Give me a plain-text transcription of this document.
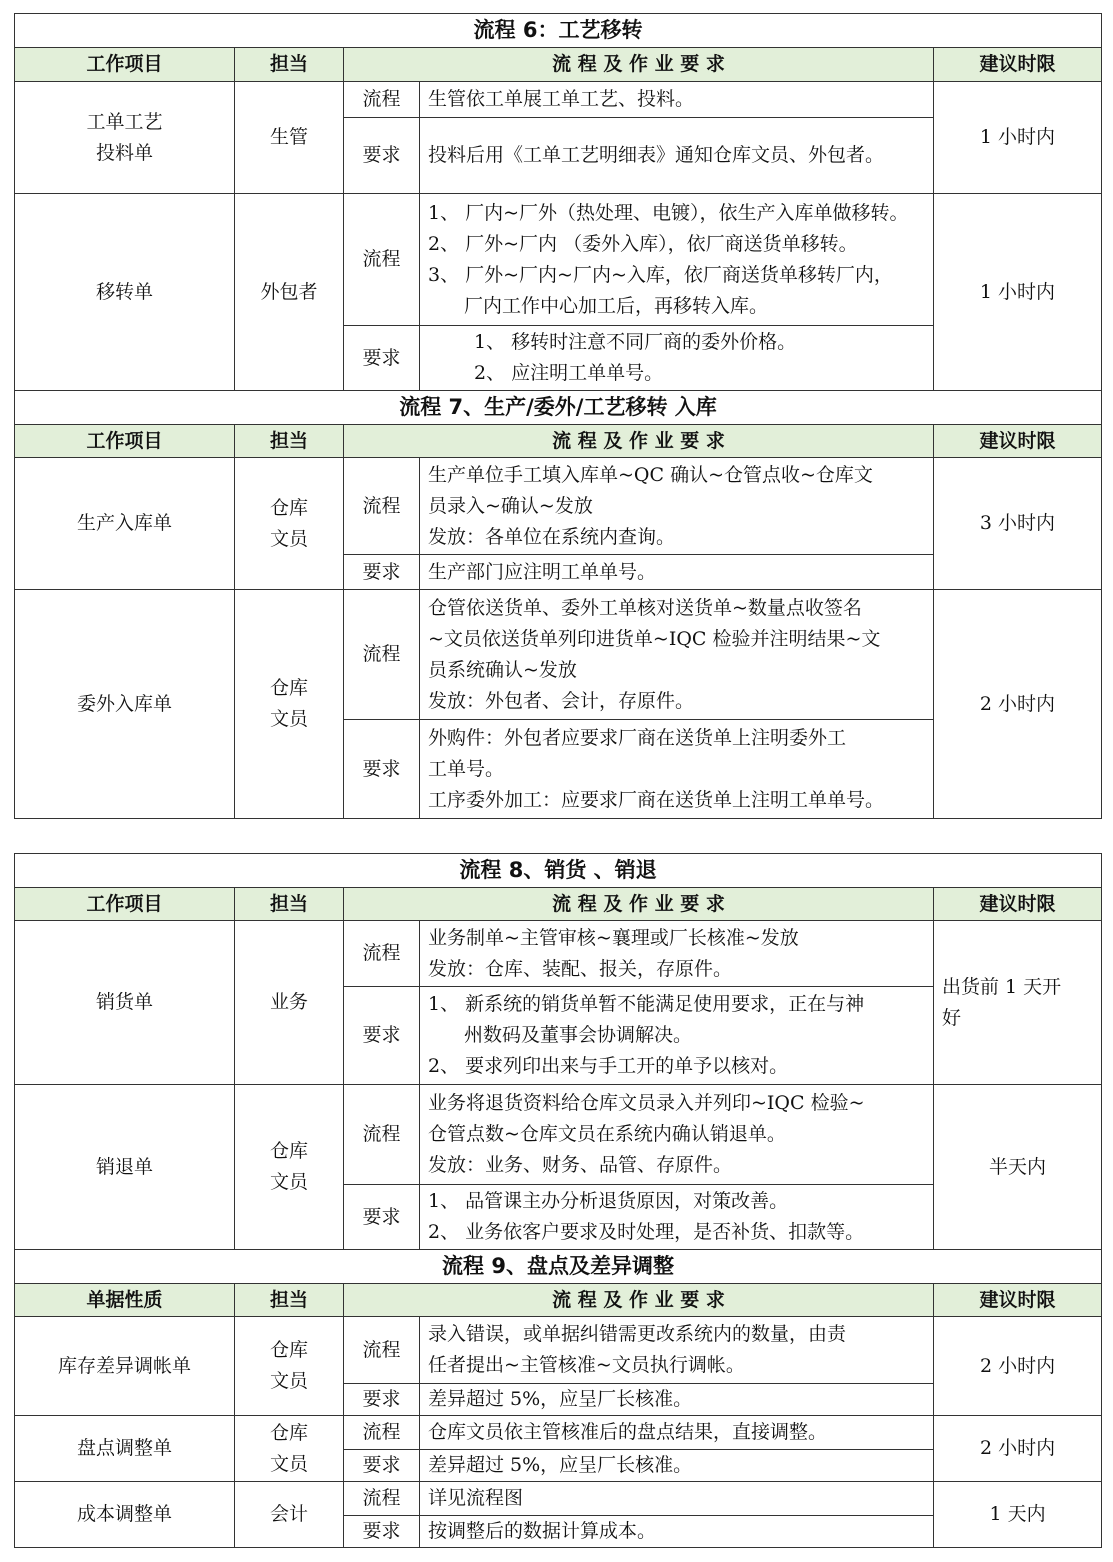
流程 6：工艺移转				
工作项目	担当	流 程 及 作 业 要 求		建议时限

工单工艺
投料单	生管	流程	生管依工单展工单工艺、投料。	1 小时内

		要求	投料后用《工单工艺明细表》通知仓库文员、外包者。	

移转单	外包者	流程	1、 厂内~厂外（热处理、电镀），依生产入库单做移转。
2、 厂外~厂内 （委外入库），依厂商送货单移转。
3、 厂外~厂内~厂内~入库，依厂商送货单移转厂内，
厂内工作中心加工后，再移转入库。	1 小时内

		要求	1、 移转时注意不同厂商的委外价格。
2、 应注明工单单号。	

流程 7、生产/委外/工艺移转 入库				
工作项目	担当	流 程 及 作 业 要 求		建议时限

生产入库单	仓库
文员	流程	生产单位手工填入库单~QC 确认~仓管点收~仓库文
员录入~确认~发放
发放：各单位在系统内查询。	3 小时内

		要求	生产部门应注明工单单号。	

委外入库单	仓库
文员	流程	仓管依送货单、委外工单核对送货单~数量点收签名
~文员依送货单列印进货单~IQC 检验并注明结果~文
员系统确认~发放
发放：外包者、会计，存原件。	2 小时内

		要求	外购件：外包者应要求厂商在送货单上注明委外工
工单号。
工序委外加工：应要求厂商在送货单上注明工单单号。	
流程 8、销货 、销退				
工作项目	担当	流 程 及 作 业 要 求		建议时限

销货单	业务	流程	业务制单~主管审核~襄理或厂长核准~发放
发放：仓库、装配、报关，存原件。	出货前 1 天开
好

		要求	1、 新系统的销货单暂不能满足使用要求，正在与神
州数码及董事会协调解决。
2、 要求列印出来与手工开的单予以核对。	

销退单	仓库
文员	流程	业务将退货资料给仓库文员录入并列印~IQC 检验~
仓管点数~仓库文员在系统内确认销退单。
发放：业务、财务、品管、存原件。	半天内

		要求	1、 品管课主办分析退货原因，对策改善。
2、 业务依客户要求及时处理，是否补货、扣款等。	

流程 9、盘点及差异调整				
单据性质	担当	流 程 及 作 业 要 求		建议时限

库存差异调帐单	仓库
文员	流程	录入错误，或单据纠错需更改系统内的数量，由责
任者提出~主管核准~文员执行调帐。	2 小时内

		要求	差异超过 5%，应呈厂长核准。	

盘点调整单	仓库
文员	流程	仓库文员依主管核准后的盘点结果，直接调整。	2 小时内

		要求	差异超过 5%，应呈厂长核准。	

成本调整单	会计	流程	详见流程图	1 天内

		要求	按调整后的数据计算成本。	
